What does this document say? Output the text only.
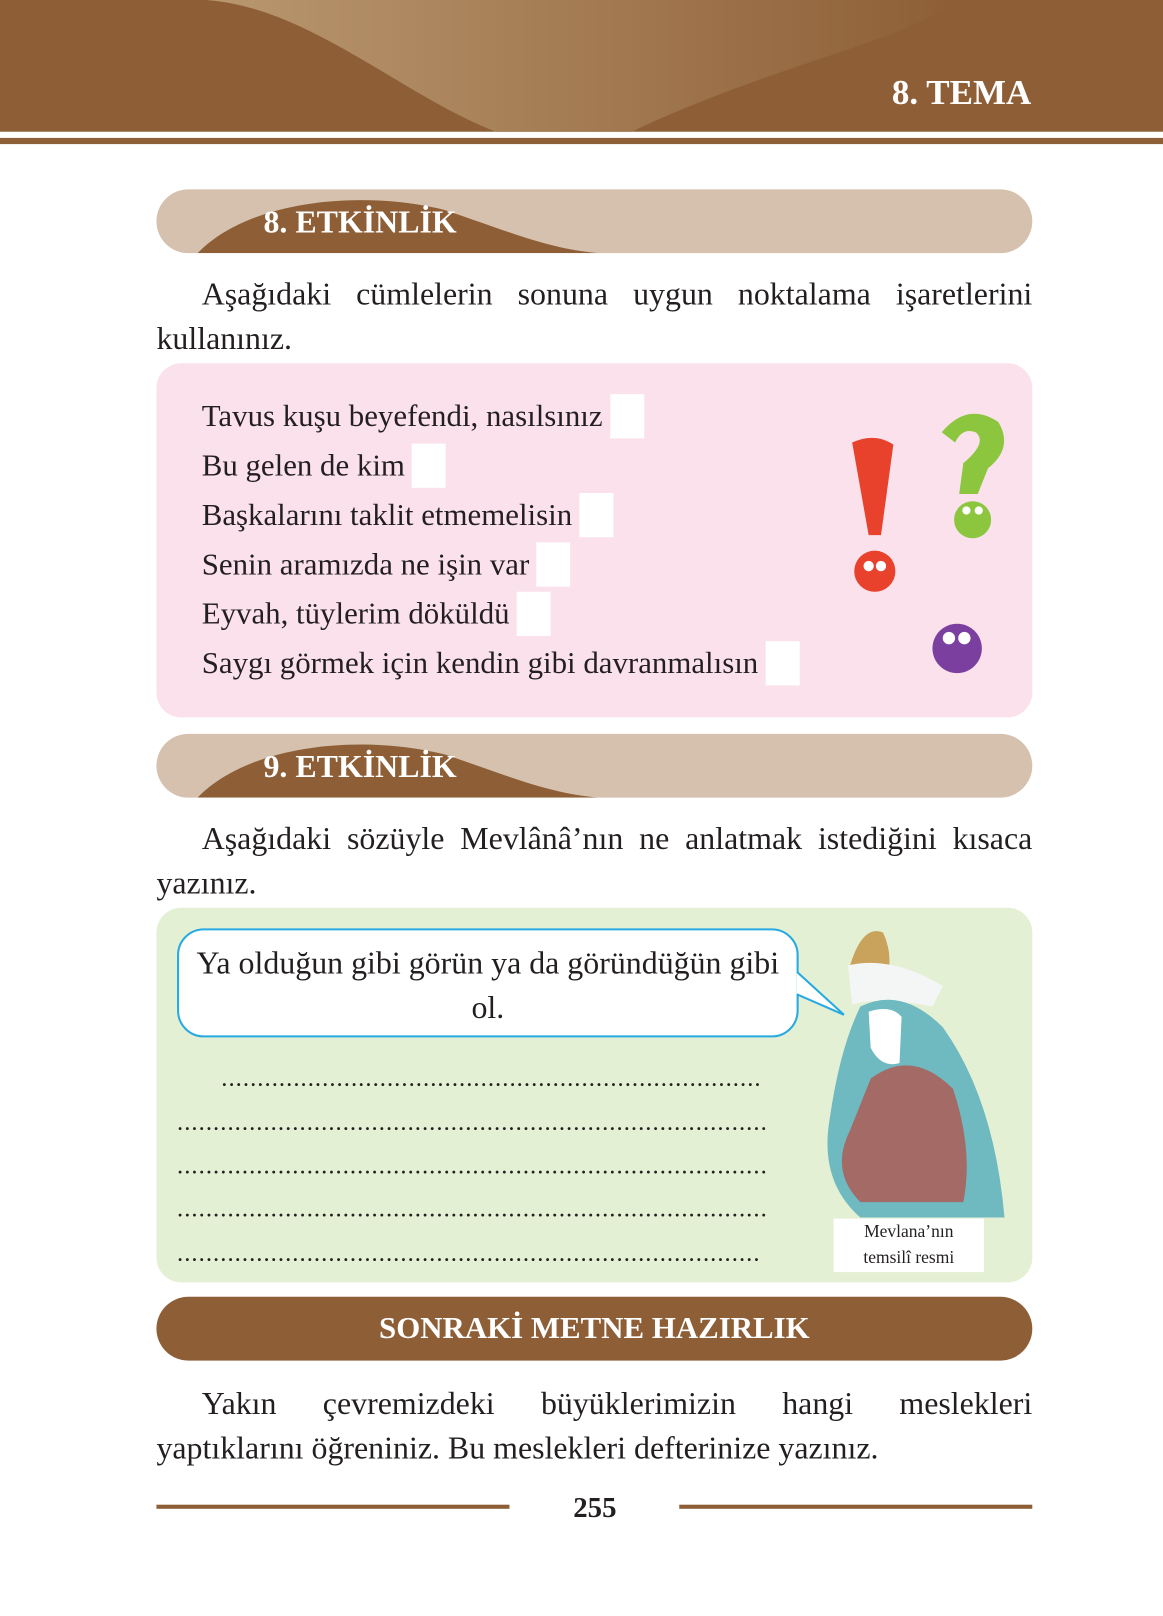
8. TEMA
8. ETKİNLİK
Aşağıdaki cümlelerin sonuna uygun noktalama işaretlerini kullanınız.
Tavus kuşu beyefendi, nasılsınız
Bu gelen de kim
Başkalarını taklit etmemelisin
Senin aramızda ne işin var
Eyvah, tüylerim döküldü
Saygı görmek için kendin gibi davranmalısın
9. ETKİNLİK
Aşağıdaki sözüyle Mevlânâ’nın ne anlatmak istediğini kısaca yazınız.
Ya olduğun gibi görün ya da göründüğün gibi ol.
...........................................................................
..................................................................................
..................................................................................
..................................................................................
.................................................................................
Mevlana’nın
temsilî resmi
SONRAKİ METNE HAZIRLIK
Yakın çevremizdeki büyüklerimizin hangi meslekleri yaptıklarını öğreniniz. Bu meslekleri defterinize yazınız.
255
